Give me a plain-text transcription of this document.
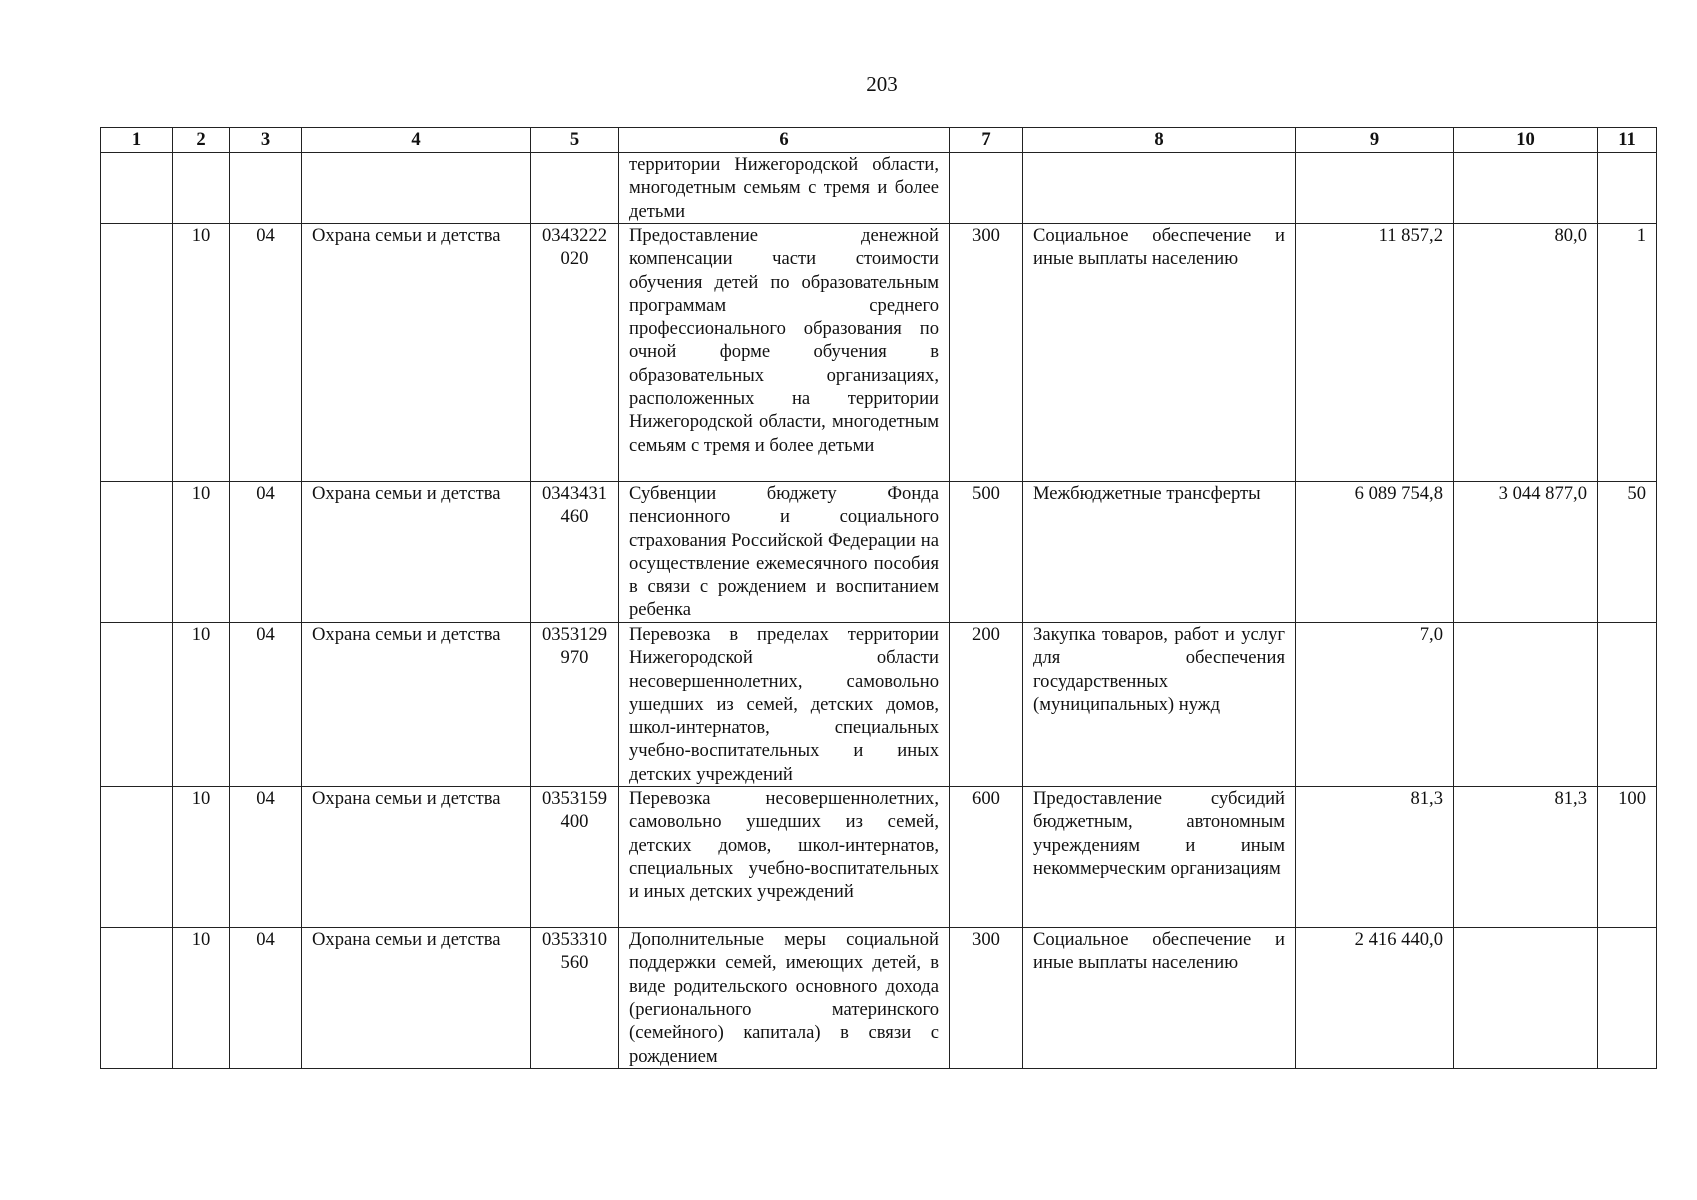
203
1	2	3	4	5	6	7	8	9	10	11
					территории Нижегородской области, многодетным семьям с тремя и более детьми					
	10	04	Охрана семьи и детства	0343222020	Предоставление денежной компенсации части стоимости обучения детей по образовательным программам среднего профессионального образования по очной форме обучения в образовательных организациях, расположенных на территории Нижегородской области, многодетным семьям с тремя и более детьми	300	Социальное обеспечение и иные выплаты населению	11 857,2	80,0	1
	10	04	Охрана семьи и детства	0343431460	Субвенции бюджету Фонда пенсионного и социального страхования Российской Федерации на осуществление ежемесячного пособия в связи с рождением и воспитанием ребенка	500	Межбюджетные трансферты	6 089 754,8	3 044 877,0	50
	10	04	Охрана семьи и детства	0353129970	Перевозка в пределах территории Нижегородской области несовершеннолетних, самовольно ушедших из семей, детских домов, школ-интернатов, специальных учебно-воспитательных и иных детских учреждений	200	Закупка товаров, работ и услуг для обеспечения государственных (муниципальных) нужд	7,0		
	10	04	Охрана семьи и детства	0353159400	Перевозка несовершеннолетних, самовольно ушедших из семей, детских домов, школ-интернатов, специальных учебно-воспитательных и иных детских учреждений	600	Предоставление субсидий бюджетным, автономным учреждениям и иным некоммерческим организациям	81,3	81,3	100
	10	04	Охрана семьи и детства	0353310560	Дополнительные меры социальной поддержки семей, имеющих детей, в виде родительского основного дохода (регионального материнского (семейного) капитала) в связи с рождением	300	Социальное обеспечение и иные выплаты населению	2 416 440,0		
